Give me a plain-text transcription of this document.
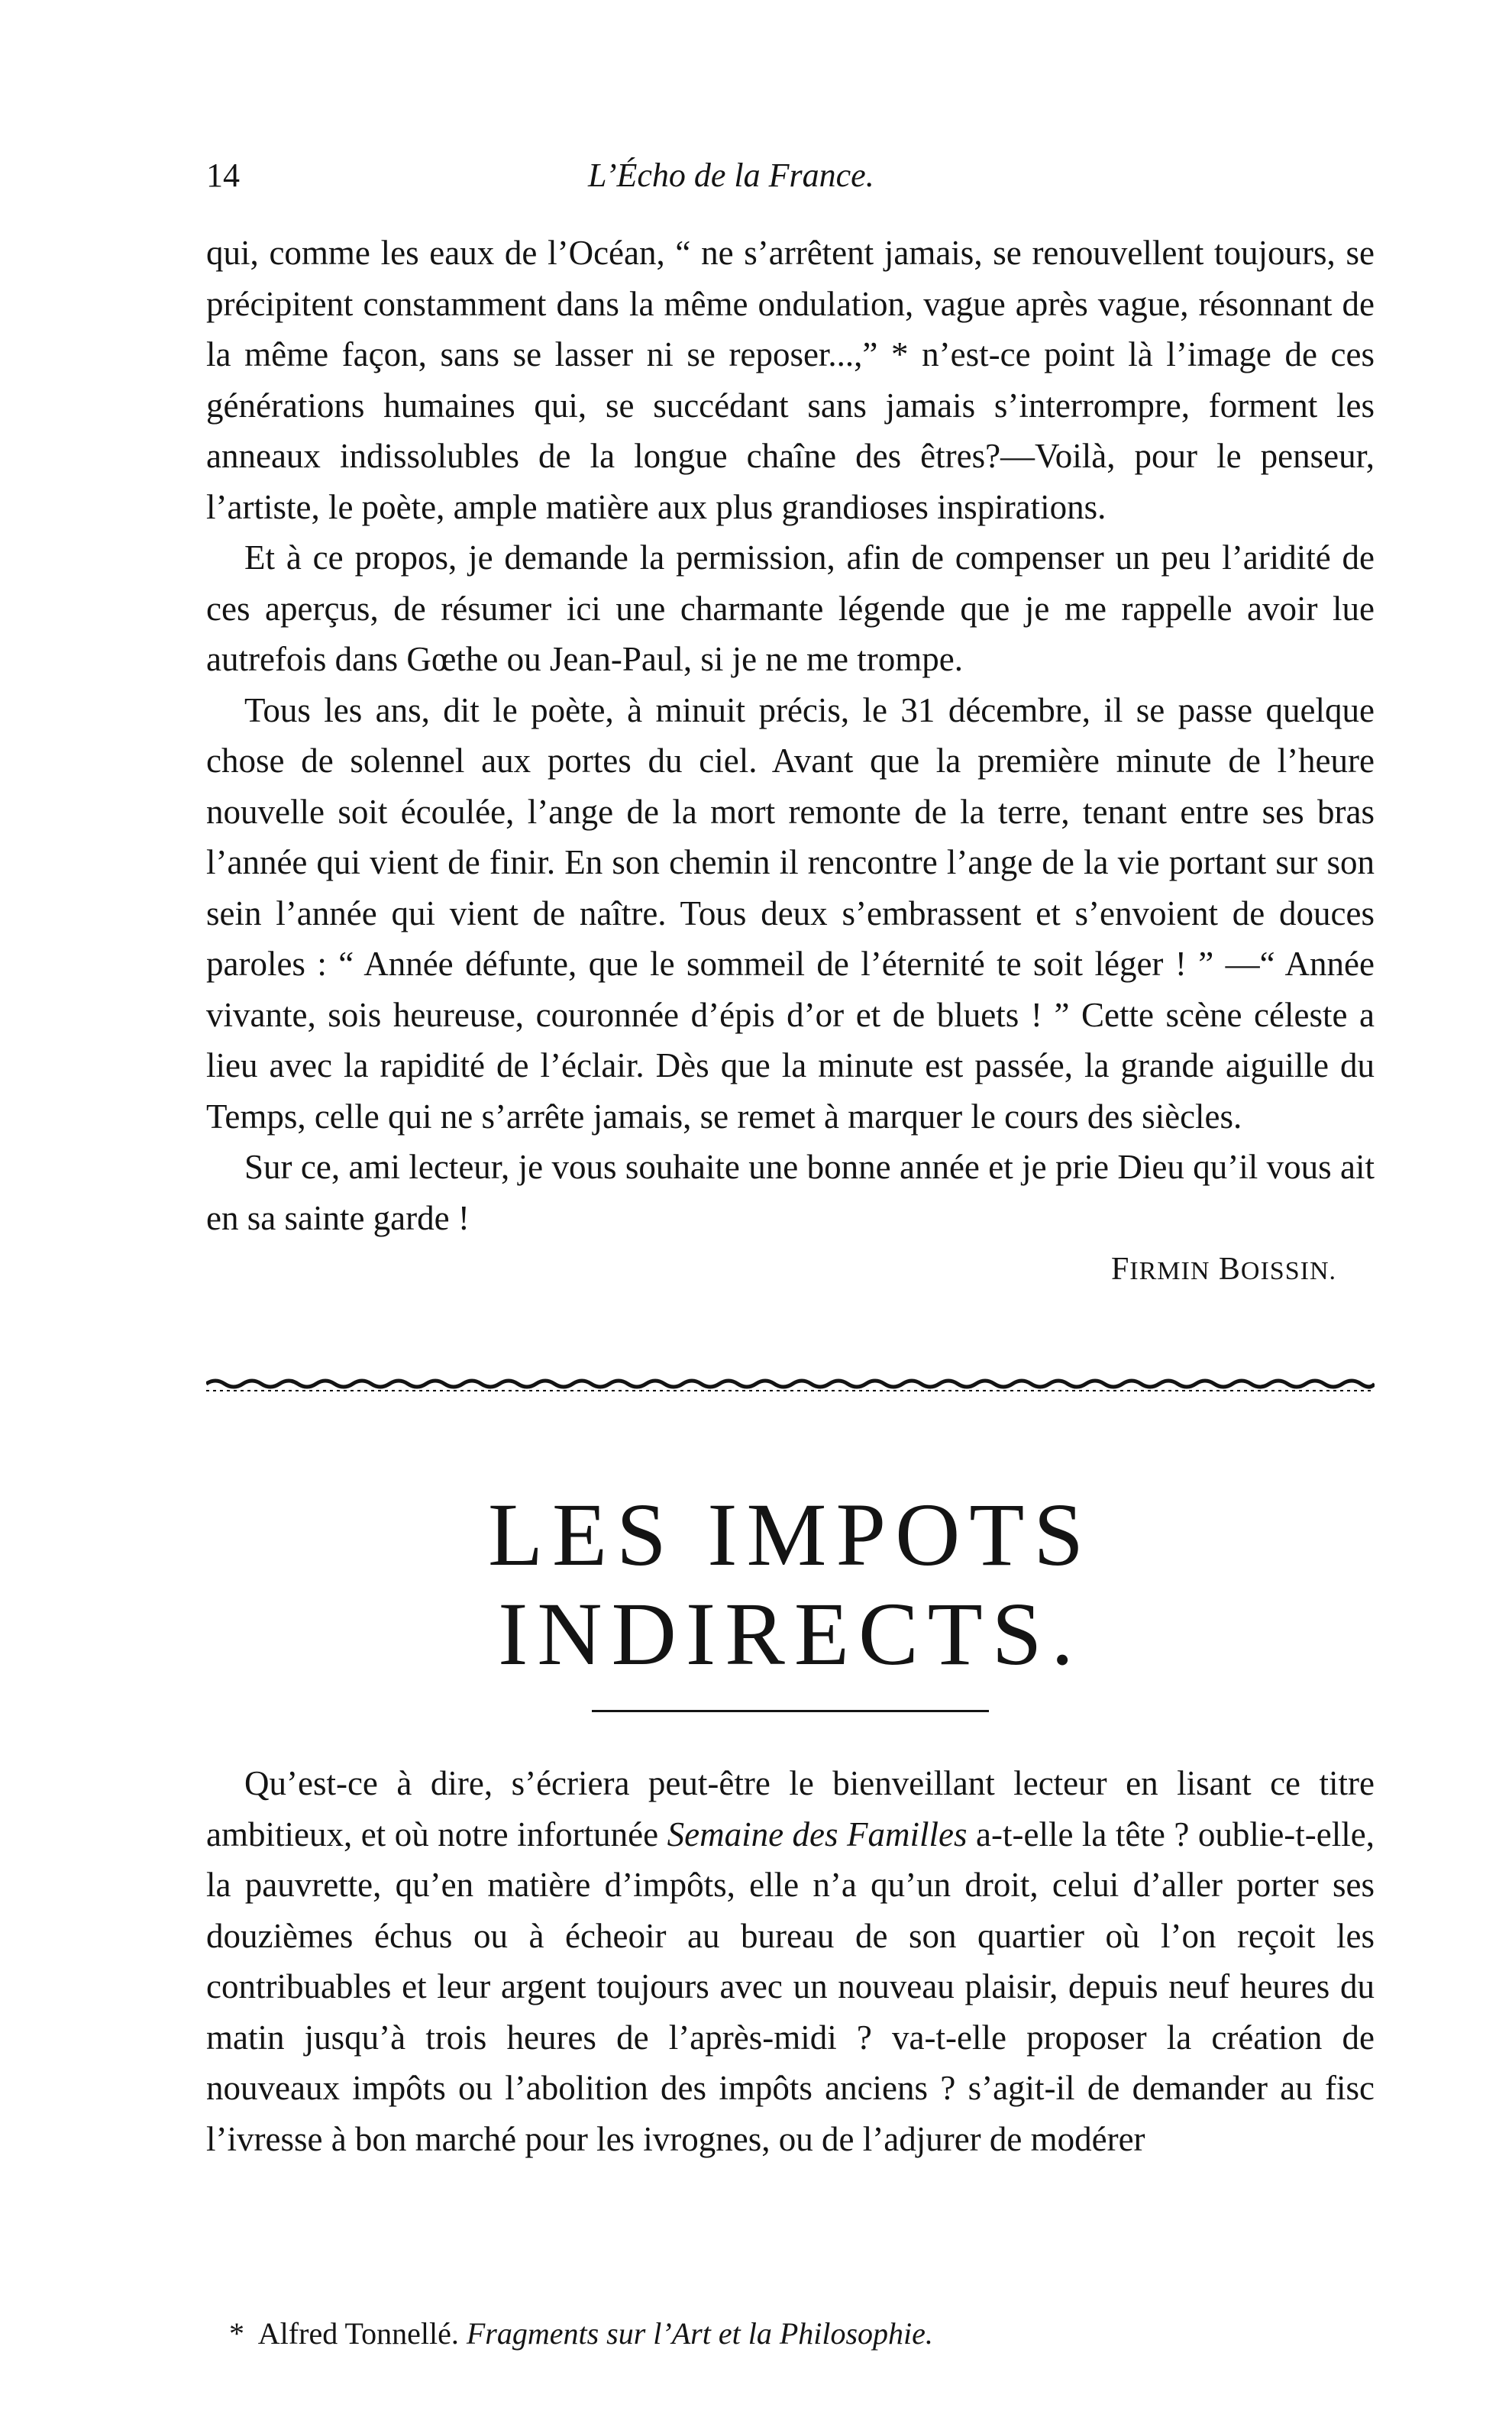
14	L’Écho de la France.

qui, comme les eaux de l’Océan, “ ne s’arrêtent jamais, se renouvellent toujours, se précipitent constamment dans la même ondulation, vague après vague, résonnant de la même façon, sans se lasser ni se reposer...,” * n’est-ce point là l’image de ces générations humaines qui, se succédant sans jamais s’interrompre, forment les anneaux indissolubles de la longue chaîne des êtres?—Voilà, pour le penseur, l’artiste, le poète, ample matière aux plus grandioses inspirations.

Et à ce propos, je demande la permission, afin de compenser un peu l’aridité de ces aperçus, de résumer ici une charmante légende que je me rappelle avoir lue autrefois dans Gœthe ou Jean-Paul, si je ne me trompe.

Tous les ans, dit le poète, à minuit précis, le 31 décembre, il se passe quelque chose de solennel aux portes du ciel. Avant que la première minute de l’heure nouvelle soit écoulée, l’ange de la mort remonte de la terre, tenant entre ses bras l’année qui vient de finir. En son chemin il rencontre l’ange de la vie portant sur son sein l’année qui vient de naître. Tous deux s’embrassent et s’envoient de douces paroles : “ Année défunte, que le sommeil de l’éternité te soit léger ! ” —“ Année vivante, sois heureuse, couronnée d’épis d’or et de bluets ! ” Cette scène céleste a lieu avec la rapidité de l’éclair. Dès que la minute est passée, la grande aiguille du Temps, celle qui ne s’arrête jamais, se remet à marquer le cours des siècles.

Sur ce, ami lecteur, je vous souhaite une bonne année et je prie Dieu qu’il vous ait en sa sainte garde !

FIRMIN BOISSIN.
LES IMPOTS INDIRECTS.

Qu’est-ce à dire, s’écriera peut-être le bienveillant lecteur en lisant ce titre ambitieux, et où notre infortunée Semaine des Familles a-t-elle la tête ? oublie-t-elle, la pauvrette, qu’en matière d’impôts, elle n’a qu’un droit, celui d’aller porter ses douzièmes échus ou à écheoir au bureau de son quartier où l’on reçoit les contribuables et leur argent toujours avec un nouveau plaisir, depuis neuf heures du matin jusqu’à trois heures de l’après-midi ? va-t-elle proposer la création de nouveaux impôts ou l’abolition des impôts anciens ? s’agit-il de demander au fisc l’ivresse à bon marché pour les ivrognes, ou de l’adjurer de modérer

* Alfred Tonnellé. Fragments sur l’Art et la Philosophie.
